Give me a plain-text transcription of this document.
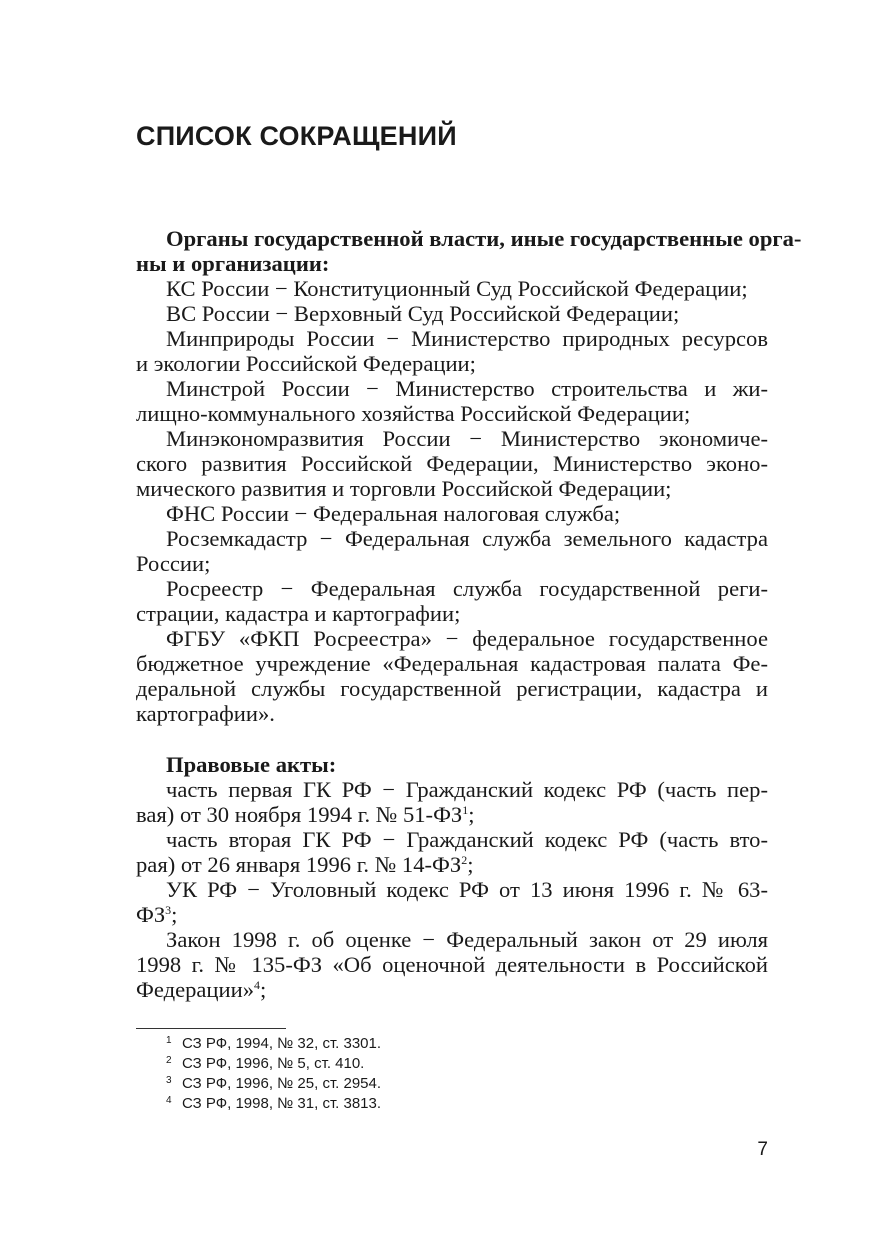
СПИСОК СОКРАЩЕНИЙ
Органы государственной власти, иные государственные орга-
ны и организации:
КС России − Конституционный Суд Российской Федерации;
ВС России − Верховный Суд Российской Федерации;
Минприроды России − Министерство природных ресурсов
и экологии Российской Федерации;
Минстрой России − Министерство строительства и жи-
лищно-коммунального хозяйства Российской Федерации;
Минэкономразвития России − Министерство экономиче-
ского развития Российской Федерации, Министерство эконо-
мического развития и торговли Российской Федерации;
ФНС России − Федеральная налоговая служба;
Росземкадастр − Федеральная служба земельного кадастра
России;
Росреестр − Федеральная служба государственной реги-
страции, кадастра и картографии;
ФГБУ «ФКП Росреестра» − федеральное государственное
бюджетное учреждение «Федеральная кадастровая палата Фе-
деральной службы государственной регистрации, кадастра и
картографии».
Правовые акты:
часть первая ГК РФ − Гражданский кодекс РФ (часть пер-
вая) от 30 ноября 1994 г. № $51-ФЗ^1$;
часть вторая ГК РФ − Гражданский кодекс РФ (часть вто-
рая) от 26 января 1996 г. № $14-ФЗ^2$;
УК РФ − Уголовный кодекс РФ от 13 июня 1996 г. № 63-
$ФЗ^3$;
Закон 1998 г. об оценке − Федеральный закон от 29 июля
1998 г. № 135-ФЗ «Об оценочной деятельности в Российской
Федерации»$^4$;
1 СЗ РФ, 1994, № 32, ст. 3301.
2 СЗ РФ, 1996, № 5, ст. 410.
3 СЗ РФ, 1996, № 25, ст. 2954.
4 СЗ РФ, 1998, № 31, ст. 3813.
7
